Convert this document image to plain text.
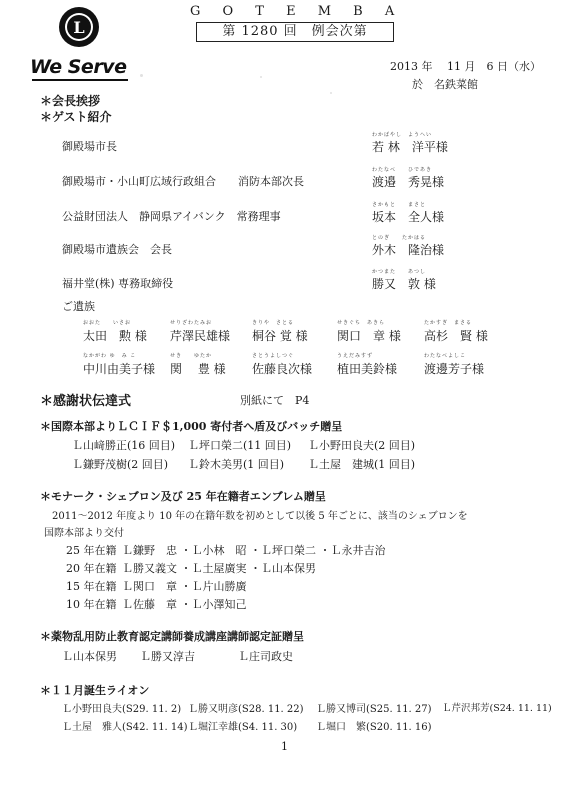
L
We Serve
G O T E M B A
第 1280 回　例会次第
2013 年　 11 月　6 日（水）
於　名鉄菜館
＊会長挨拶
＊ゲスト紹介
御殿場市長
わかばやし　ようへい
若 林　洋平様
御殿場市・小山町広域行政組合　　消防本部次長
わたなべ　　ひであき
渡邉　秀晃様
公益財団法人　静岡県アイバンク　常務理事
さかもと　　まさと
坂本　全人様
御殿場市遺族会　会長
とのぎ　　たかはる
外木　隆治様
福井堂(株) 専務取締役
かつまた　　あつし
勝又　敦 様
ご遺族
おおた　　いさお
太田　勲 様
せりざわたみお
芹澤民雄様
きりや　さとる
桐谷 覚 様
せきぐち　あきら
関口　章 様
たかすぎ　まさる
高杉　賢 様
なかがわ ゆ　み こ
中川由美子様
せき　　ゆたか
関　 豊 様
さとうよしつぐ
佐藤良次様
うえだみすず
植田美鈴様
わたなべよしこ
渡邊芳子様
＊感謝状伝達式	別紙にて　P4
＊国際本部よりＬＣＩＦ＄1,000 寄付者へ盾及びバッチ贈呈
Ｌ山﨑勝正(16 回目) Ｌ坪口榮二(11 回目) Ｌ小野田良夫(2 回目)
Ｌ鎌野茂樹(2 回目) Ｌ鈴木美男(1 回目) Ｌ土屋　建城(1 回目)
＊モナーク・シェブロン及び 25 年在籍者エンブレム贈呈
2011～2012 年度より 10 年の在籍年数を初めとして以後 5 年ごとに、該当のシェブロンを
国際本部より交付
25 年在籍 Ｌ鎌野　忠 ・Ｌ小林　昭 ・Ｌ坪口榮二 ・Ｌ永井吉治
20 年在籍 Ｌ勝又義文 ・Ｌ土屋廣実 ・Ｌ山本保男
15 年在籍 Ｌ関口　章 ・Ｌ片山勝廣
10 年在籍 Ｌ佐藤　章 ・Ｌ小澤知己
＊薬物乱用防止教育認定講師養成講座講師認定証贈呈
Ｌ山本保男 Ｌ勝又淳吉	Ｌ庄司政史
＊１１月誕生ライオン
Ｌ小野田良夫(S29. 11. 2) Ｌ勝又明彦(S28. 11. 22) Ｌ勝又博司(S25. 11. 27) Ｌ芹沢邦芳(S24. 11. 11)
Ｌ土屋　雅人(S42. 11. 14) Ｌ堀江幸雄(S4. 11. 30) Ｌ堀口　繁(S20. 11. 16)
1
